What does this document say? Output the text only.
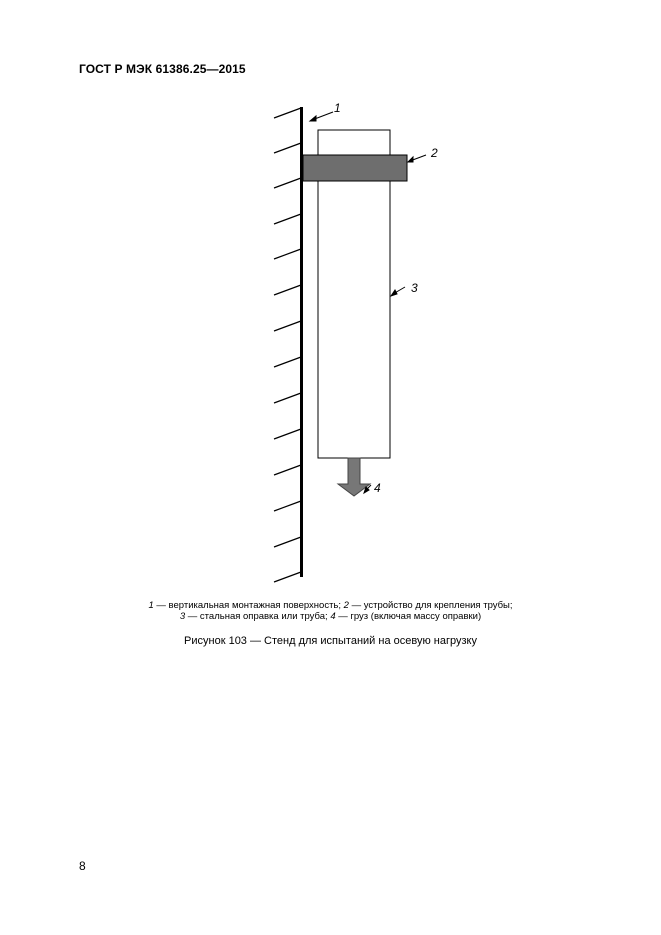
ГОСТ Р МЭК 61386.25—2015
1
2
3
4
1 — вертикальная монтажная поверхность; 2 — устройство для крепления трубы;
3 — стальная оправка или труба; 4 — груз (включая массу оправки)
Рисунок 103 — Стенд для испытаний на осевую нагрузку
8
